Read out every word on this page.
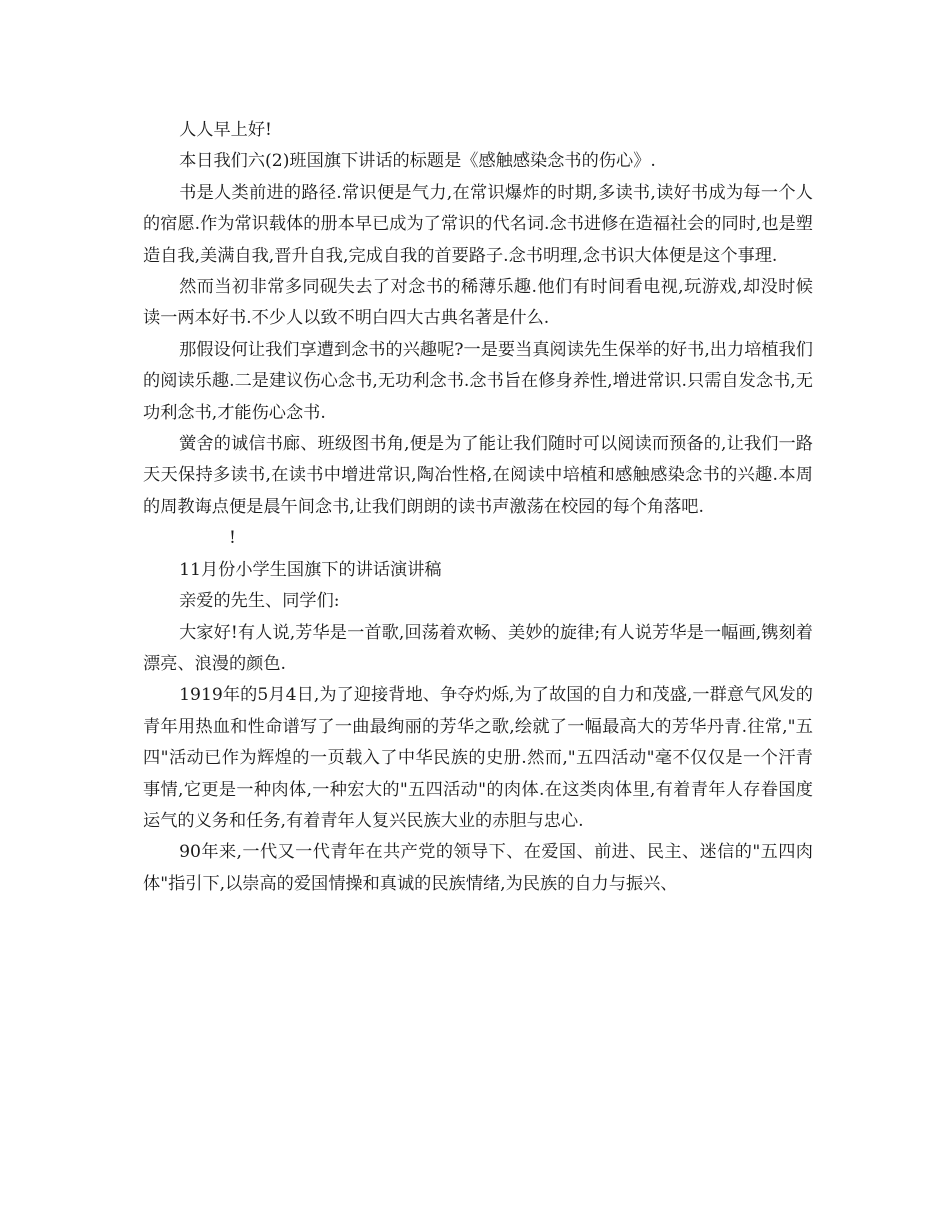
人人早上好!

本日我们六(2)班国旗下讲话的标题是《感触感染念书的伤心》.

书是人类前进的路径.常识便是气力,在常识爆炸的时期,多读书,读好书成为每一个人的宿愿.作为常识载体的册本早已成为了常识的代名词.念书进修在造福社会的同时,也是塑造自我,美满自我,晋升自我,完成自我的首要路子.念书明理,念书识大体便是这个事理.

然而当初非常多同砚失去了对念书的稀薄乐趣.他们有时间看电视,玩游戏,却没时候读一两本好书.不少人以致不明白四大古典名著是什么.

那假设何让我们享遭到念书的兴趣呢?一是要当真阅读先生保举的好书,出力培植我们的阅读乐趣.二是建议伤心念书,无功利念书.念书旨在修身养性,增进常识.只需自发念书,无功利念书,才能伤心念书.

黉舍的诚信书廊、班级图书角,便是为了能让我们随时可以阅读而预备的,让我们一路天天保持多读书,在读书中增进常识,陶冶性格,在阅读中培植和感触感染念书的兴趣.本周的周教诲点便是晨午间念书,让我们朗朗的读书声激荡在校园的每个角落吧.

!

11月份小学生国旗下的讲话演讲稿

亲爱的先生、同学们:

大家好!有人说,芳华是一首歌,回荡着欢畅、美妙的旋律;有人说芳华是一幅画,镌刻着漂亮、浪漫的颜色.

1919年的5月4日,为了迎接背地、争夺灼烁,为了故国的自力和茂盛,一群意气风发的青年用热血和性命谱写了一曲最绚丽的芳华之歌,绘就了一幅最高大的芳华丹青.往常,"五四"活动已作为辉煌的一页载入了中华民族的史册.然而,"五四活动"毫不仅仅是一个汗青事情,它更是一种肉体,一种宏大的"五四活动"的肉体.在这类肉体里,有着青年人存眷国度运气的义务和任务,有着青年人复兴民族大业的赤胆与忠心.

90年来,一代又一代青年在共产党的领导下、在爱国、前进、民主、迷信的"五四肉体"指引下,以崇高的爱国情操和真诚的民族情绪,为民族的自力与振兴、
